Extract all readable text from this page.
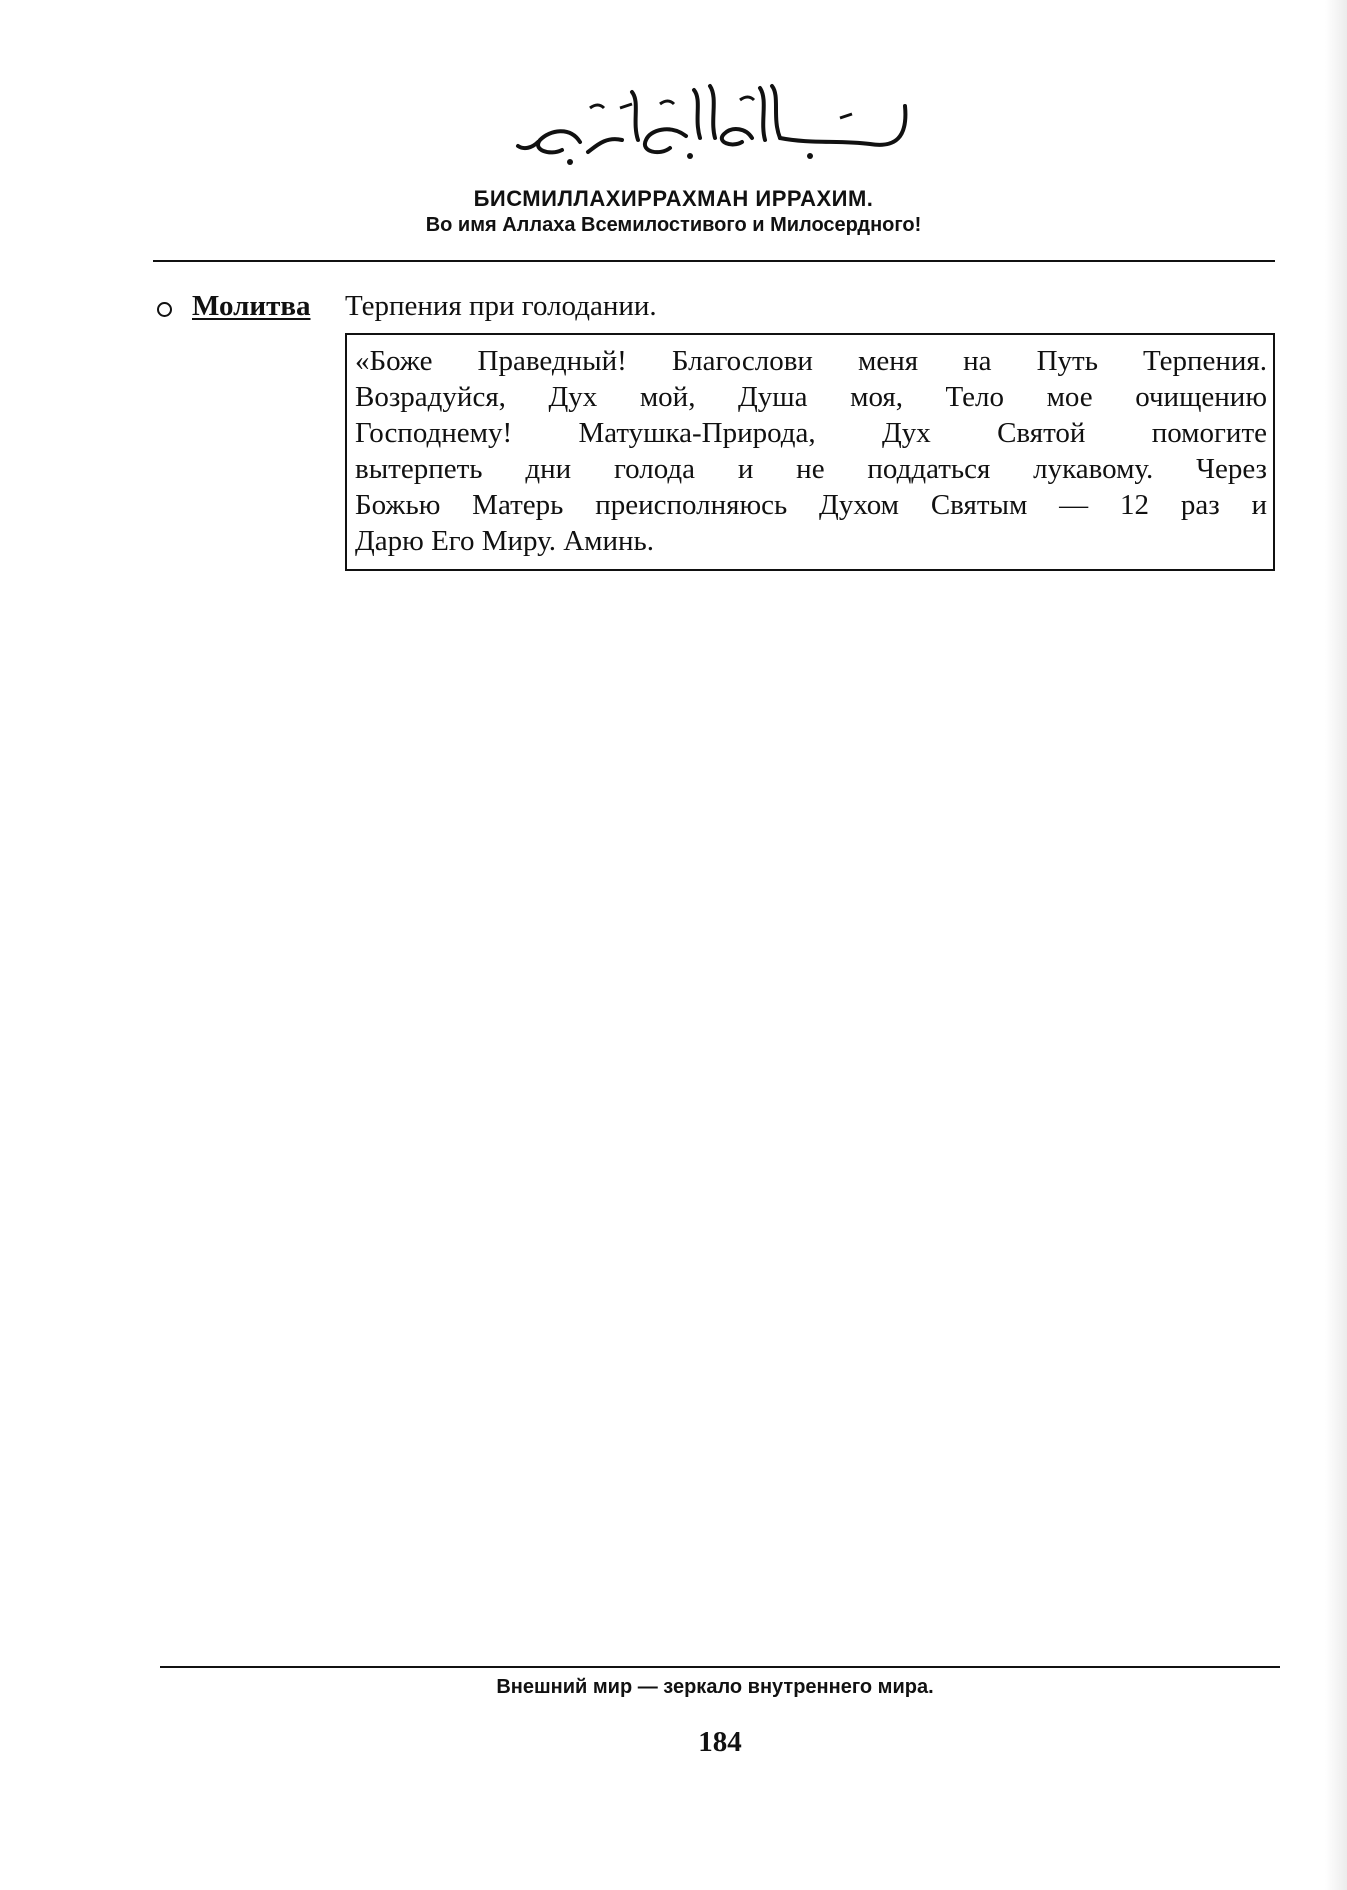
БИСМИЛЛАХИРРАХМАН ИРРАХИМ.
Во имя Аллаха Всемилостивого и Милосердного!
Молитва Терпения при голодании.
«Боже Праведный! Благослови меня на Путь Терпения.
Возрадуйся, Дух мой, Душа моя, Тело мое очищению
Господнему! Матушка-Природа, Дух Святой помогите
вытерпеть дни голода и не поддаться лукавому. Через
Божью Матерь преисполняюсь Духом Святым — 12 раз и
Дарю Его Миру. Аминь.
Внешний мир — зеркало внутреннего мира.
184
